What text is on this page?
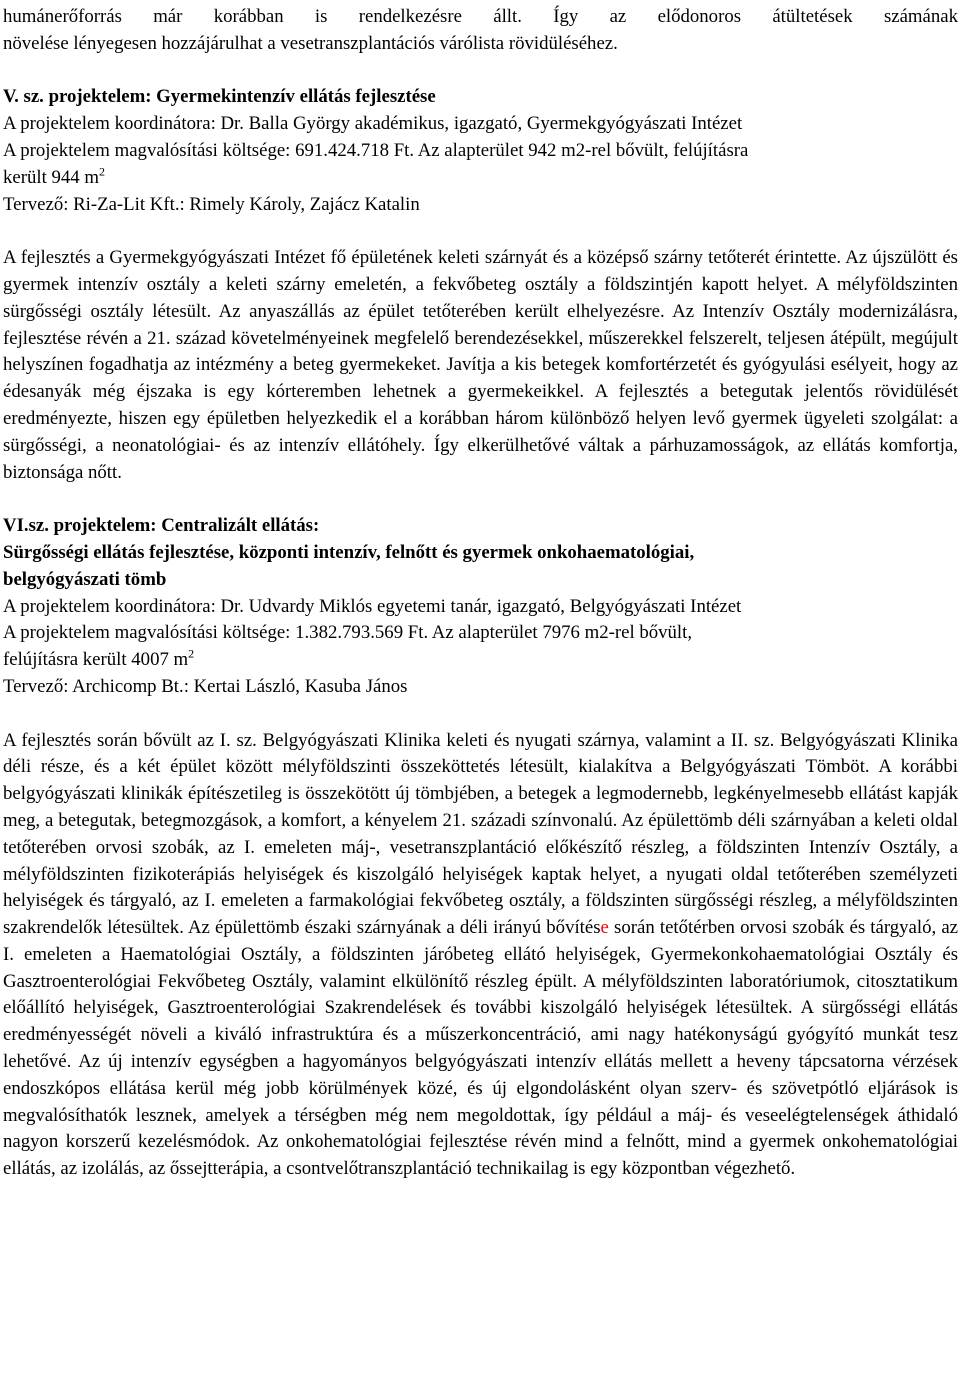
humánerőforrás már korábban is rendelkezésre állt. Így az elődonoros átültetések számának

növelése lényegesen hozzájárulhat a vesetranszplantációs várólista rövidüléséhez.

V. sz. projektelem: Gyermekintenzív ellátás fejlesztése

A projektelem koordinátora: Dr. Balla György akadémikus, igazgató, Gyermekgyógyászati Intézet

A projektelem magvalósítási költsége: 691.424.718 Ft. Az alapterület 942 m2-rel bővült, felújításra

került 944 $m^2$

Tervező: Ri-Za-Lit Kft.: Rimely Károly, Zajácz Katalin

A fejlesztés a Gyermekgyógyászati Intézet fő épületének keleti szárnyát és a középső szárny tetőterét érintette. Az újszülött és gyermek intenzív osztály a keleti szárny emeletén, a fekvőbeteg osztály a földszintjén kapott helyet. A mélyföldszinten sürgősségi osztály létesült. Az anyaszállás az épület tetőterében került elhelyezésre. Az Intenzív Osztály modernizálásra, fejlesztése révén a 21. század követelményeinek megfelelő berendezésekkel, műszerekkel felszerelt, teljesen átépült, megújult helyszínen fogadhatja az intézmény a beteg gyermekeket. Javítja a kis betegek komfortérzetét és gyógyulási esélyeit, hogy az édesanyák még éjszaka is egy kórteremben lehetnek a gyermekeikkel. A fejlesztés a betegutak jelentős rövidülését eredményezte, hiszen egy épületben helyezkedik el a korábban három különböző helyen levő gyermek ügyeleti szolgálat: a sürgősségi, a neonatológiai- és az intenzív ellátóhely. Így elkerülhetővé váltak a párhuzamosságok, az ellátás komfortja, biztonsága nőtt.

VI.sz. projektelem: Centralizált ellátás:

Sürgősségi ellátás fejlesztése, központi intenzív, felnőtt és gyermek onkohaematológiai,

belgyógyászati tömb

A projektelem koordinátora: Dr. Udvardy Miklós egyetemi tanár, igazgató, Belgyógyászati Intézet

A projektelem magvalósítási költsége: 1.382.793.569 Ft. Az alapterület 7976 m2-rel bővült,

felújításra került 4007 $m^2$

Tervező: Archicomp Bt.: Kertai László, Kasuba János

A fejlesztés során bővült az I. sz. Belgyógyászati Klinika keleti és nyugati szárnya, valamint a II. sz. Belgyógyászati Klinika déli része, és a két épület között mélyföldszinti összeköttetés létesült, kialakítva a Belgyógyászati Tömböt. A korábbi belgyógyászati klinikák építészetileg is összekötött új tömbjében, a betegek a legmodernebb, legkényelmesebb ellátást kapják meg, a betegutak, betegmozgások, a komfort, a kényelem 21. századi színvonalú. Az épülettömb déli szárnyában a keleti oldal tetőterében orvosi szobák, az I. emeleten máj-, vesetranszplantáció előkészítő részleg, a földszinten Intenzív Osztály, a mélyföldszinten fizikoterápiás helyiségek és kiszolgáló helyiségek kaptak helyet, a nyugati oldal tetőterében személyzeti helyiségek és tárgyaló, az I. emeleten a farmakológiai fekvőbeteg osztály, a földszinten sürgősségi részleg, a mélyföldszinten szakrendelők létesültek. Az épülettömb északi szárnyának a déli irányú bővítése során tetőtérben orvosi szobák és tárgyaló, az I. emeleten a Haematológiai Osztály, a földszinten járóbeteg ellátó helyiségek, Gyermekonkohaematológiai Osztály és Gasztroenterológiai Fekvőbeteg Osztály, valamint elkülönítő részleg épült. A mélyföldszinten laboratóriumok, citosztatikum előállító helyiségek, Gasztroenterológiai Szakrendelések és további kiszolgáló helyiségek létesültek. A sürgősségi ellátás eredményességét növeli a kiváló infrastruktúra és a műszerkoncentráció, ami nagy hatékonyságú gyógyító munkát tesz lehetővé. Az új intenzív egységben a hagyományos belgyógyászati intenzív ellátás mellett a heveny tápcsatorna vérzések endoszkópos ellátása kerül még jobb körülmények közé, és új elgondolásként olyan szerv- és szövetpótló eljárások is megvalósíthatók lesznek, amelyek a térségben még nem megoldottak, így például a máj- és veseelégtelenségek áthidaló nagyon korszerű kezelésmódok. Az onkohematológiai fejlesztése révén mind a felnőtt, mind a gyermek onkohematológiai ellátás, az izolálás, az őssejtterápia, a csontvelőtranszplantáció technikailag is egy központban végezhető.
